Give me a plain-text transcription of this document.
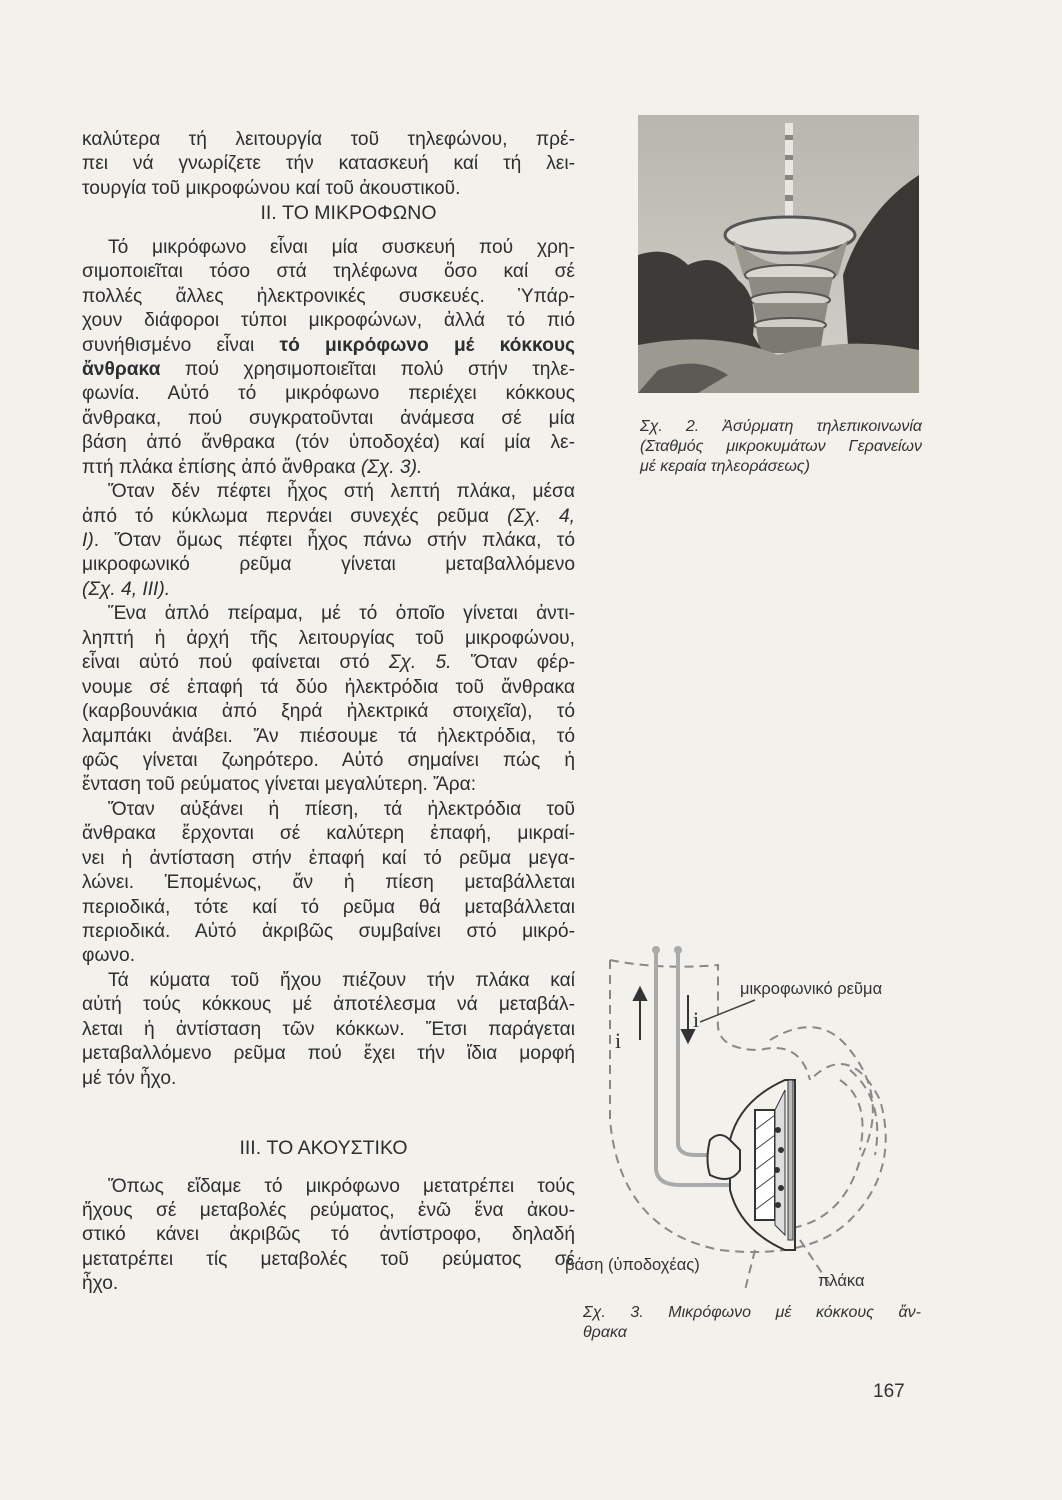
καλύτερα τή λειτουργία τοῦ τηλεφώνου, πρέ-
πει νά γνωρίζετε τήν κατασκευή καί τή λει-
τουργία τοῦ μικροφώνου καί τοῦ ἀκουστικοῦ.
II. ΤΟ ΜΙΚΡΟΦΩΝΟ
Τό μικρόφωνο εἶναι μία συσκευή πού χρη-
σιμοποιεῖται τόσο στά τηλέφωνα ὅσο καί σέ
πολλές ἄλλες ἠλεκτρονικές συσκευές. Ὑπάρ-
χουν διάφοροι τύποι μικροφώνων, ἀλλά τό πιό
συνήθισμένο εἶναι τό μικρόφωνο μέ κόκκους
ἄνθρακα πού χρησιμοποιεῖται πολύ στήν τηλε-
φωνία. Αὐτό τό μικρόφωνο περιέχει κόκκους
ἄνθρακα, πού συγκρατοῦνται ἀνάμεσα σέ μία
βάση ἀπό ἄνθρακα (τόν ὑποδοχέα) καί μία λε-
πτή πλάκα ἐπίσης ἀπό ἄνθρακα (Σχ. 3).
Ὅταν δέν πέφτει ἦχος στή λεπτή πλάκα, μέσα
ἀπό τό κύκλωμα περνάει συνεχές ρεῦμα (Σχ. 4,
I). Ὅταν ὅμως πέφτει ἦχος πάνω στήν πλάκα, τό
μικροφωνικό ρεῦμα γίνεται μεταβαλλόμενο
(Σχ. 4, III).
Ἕνα ἁπλό πείραμα, μέ τό ὁποῖο γίνεται ἀντι-
ληπτή ἡ ἀρχή τῆς λειτουργίας τοῦ μικροφώνου,
εἶναι αὐτό πού φαίνεται στό Σχ. 5. Ὅταν φέρ-
νουμε σέ ἐπαφή τά δύο ἠλεκτρόδια τοῦ ἄνθρακα
(καρβουνάκια ἀπό ξηρά ἠλεκτρικά στοιχεῖα), τό
λαμπάκι ἀνάβει. Ἄν πιέσουμε τά ἠλεκτρόδια, τό
φῶς γίνεται ζωηρότερο. Αὐτό σημαίνει πώς ἡ
ἔνταση τοῦ ρεύματος γίνεται μεγαλύτερη. Ἄρα:
Ὅταν αὐξάνει ἡ πίεση, τά ἠλεκτρόδια τοῦ
ἄνθρακα ἔρχονται σέ καλύτερη ἐπαφή, μικραί-
νει ἡ ἀντίσταση στήν ἐπαφή καί τό ρεῦμα μεγα-
λώνει. Ἑπομένως, ἄν ἡ πίεση μεταβάλλεται
περιοδικά, τότε καί τό ρεῦμα θά μεταβάλλεται
περιοδικά. Αὐτό ἀκριβῶς συμβαίνει στό μικρό-
φωνο.
Τά κύματα τοῦ ἤχου πιέζουν τήν πλάκα καί
αὐτή τούς κόκκους μέ ἀποτέλεσμα νά μεταβάλ-
λεται ἡ ἀντίσταση τῶν κόκκων. Ἔτσι παράγεται
μεταβαλλόμενο ρεῦμα πού ἔχει τήν ἴδια μορφή
μέ τόν ἦχο.
III. ΤΟ ΑΚΟΥΣΤΙΚΟ
Ὅπως εἴδαμε τό μικρόφωνο μετατρέπει τούς
ἤχους σέ μεταβολές ρεύματος, ἐνῶ ἕνα ἀκου-
στικό κάνει ἀκριβῶς τό ἀντίστροφο, δηλαδή
μετατρέπει τίς μεταβολές τοῦ ρεύματος σέ
ἦχο.
Σχ. 2. Ἀσύρματη τηλεπικοινωνία
(Σταθμός μικροκυμάτων Γερανείων
μέ κεραία τηλεοράσεως)
μικροφωνικό ρεῦμα
i
i
βάση (ὑποδοχέας)
πλάκα
Σχ. 3. Μικρόφωνο μέ κόκκους ἄν-
θρακα
167
